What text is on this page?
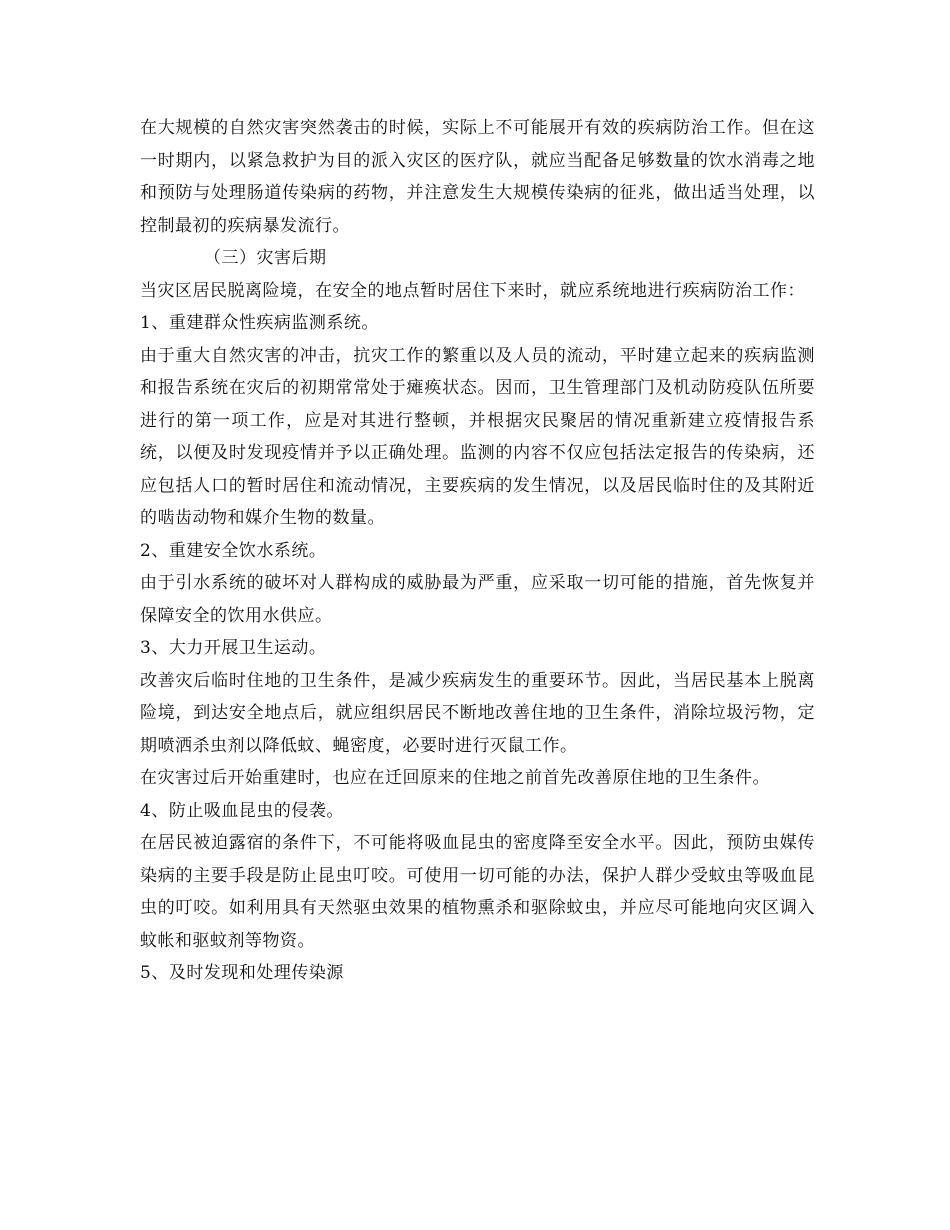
在大规模的自然灾害突然袭击的时候，实际上不可能展开有效的疾病防治工作。但在这一时期内，以紧急救护为目的派入灾区的医疗队，就应当配备足够数量的饮水消毒之地和预防与处理肠道传染病的药物，并注意发生大规模传染病的征兆，做出适当处理，以控制最初的疾病暴发流行。

（三）灾害后期

当灾区居民脱离险境，在安全的地点暂时居住下来时，就应系统地进行疾病防治工作：

1、重建群众性疾病监测系统。

由于重大自然灾害的冲击，抗灾工作的繁重以及人员的流动，平时建立起来的疾病监测和报告系统在灾后的初期常常处于瘫痪状态。因而，卫生管理部门及机动防疫队伍所要进行的第一项工作，应是对其进行整顿，并根据灾民聚居的情况重新建立疫情报告系统，以便及时发现疫情并予以正确处理。监测的内容不仅应包括法定报告的传染病，还应包括人口的暂时居住和流动情况，主要疾病的发生情况，以及居民临时住的及其附近的啮齿动物和媒介生物的数量。

2、重建安全饮水系统。

由于引水系统的破坏对人群构成的威胁最为严重，应采取一切可能的措施，首先恢复并保障安全的饮用水供应。

3、大力开展卫生运动。

改善灾后临时住地的卫生条件，是减少疾病发生的重要环节。因此，当居民基本上脱离险境，到达安全地点后，就应组织居民不断地改善住地的卫生条件，消除垃圾污物，定期喷洒杀虫剂以降低蚊、蝇密度，必要时进行灭鼠工作。

在灾害过后开始重建时，也应在迁回原来的住地之前首先改善原住地的卫生条件。

4、防止吸血昆虫的侵袭。

在居民被迫露宿的条件下，不可能将吸血昆虫的密度降至安全水平。因此，预防虫媒传染病的主要手段是防止昆虫叮咬。可使用一切可能的办法，保护人群少受蚊虫等吸血昆虫的叮咬。如利用具有天然驱虫效果的植物熏杀和驱除蚊虫，并应尽可能地向灾区调入蚊帐和驱蚊剂等物资。

5、及时发现和处理传染源
